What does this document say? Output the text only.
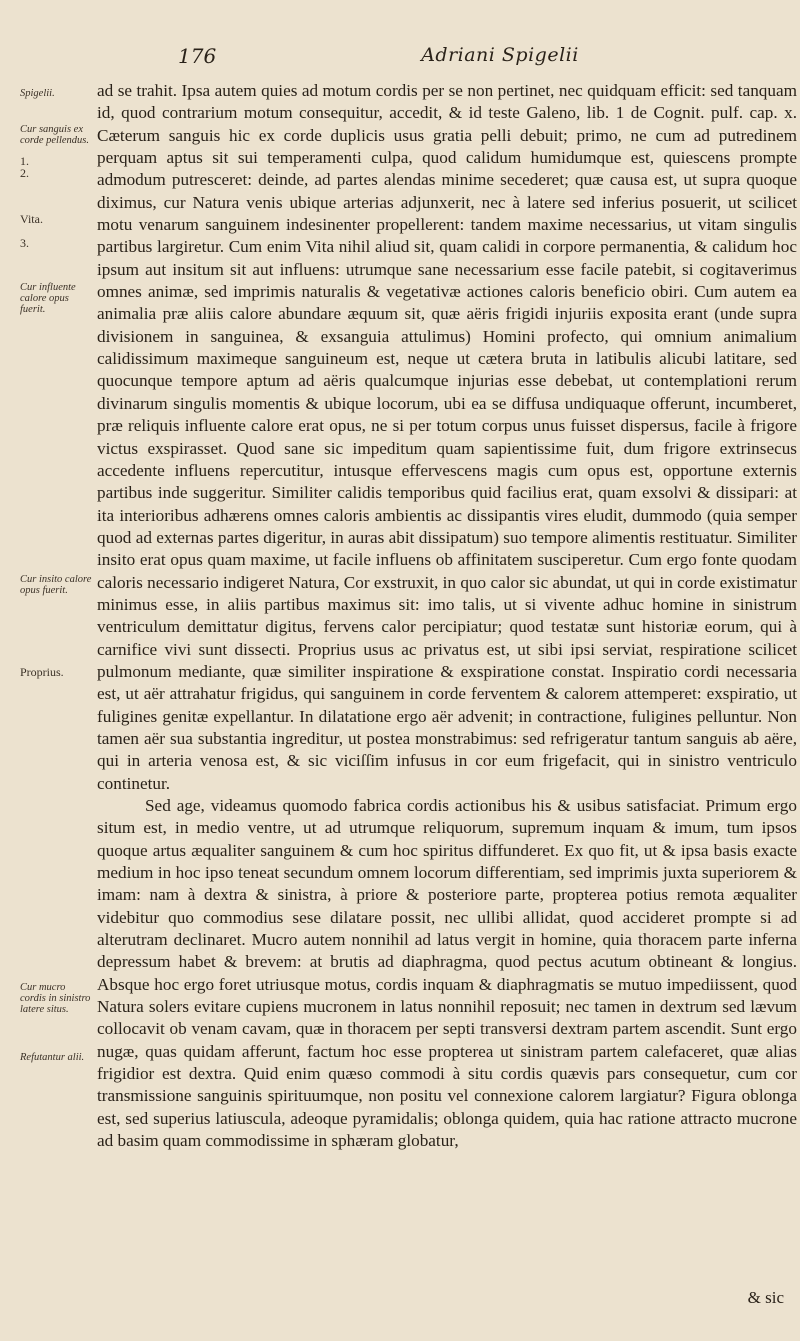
176	Adriani Spigelii
Spigelii.
Cur sanguis ex corde pellendus.
1.
2.
Vita.
3.
Cur influente calore opus fuerit.
Cur insito calore opus fuerit.
Proprius.
Cur mucro cordis in sinistro latere situs.
Refutantur alii.

ad se trahit. Ipsa autem quies ad motum cordis per se non pertinet, nec quidquam efficit: sed tanquam id, quod contrarium motum consequitur, accedit, & id teste Galeno, lib. 1 de Cognit. pulf. cap. x. Cæterum sanguis hic ex corde duplicis usus gratia pelli debuit; primo, ne cum ad putredinem perquam aptus sit sui temperamenti culpa, quod calidum humidumque est, quiescens prompte admodum putresceret: deinde, ad partes alendas minime secederet; quæ causa est, ut supra quoque diximus, cur Natura venis ubique arterias adjunxerit, nec à latere sed inferius posuerit, ut scilicet motu venarum sanguinem indesinenter propellerent: tandem maxime necessarius, ut vitam singulis partibus largiretur. Cum enim Vita nihil aliud sit, quam calidi in corpore permanentia, & calidum hoc ipsum aut insitum sit aut influens: utrumque sane necessarium esse facile patebit, si cogitaverimus omnes animæ, sed imprimis naturalis & vegetativæ actiones caloris beneficio obiri. Cum autem ea animalia præ aliis calore abundare æquum sit, quæ aëris frigidi injuriis exposita erant (unde supra divisionem in sanguinea, & exsanguia attulimus) Homini profecto, qui omnium animalium calidissimum maximeque sanguineum est, neque ut cætera bruta in latibulis alicubi latitare, sed quocunque tempore aptum ad aëris qualcumque injurias esse debebat, ut contemplationi rerum divinarum singulis momentis & ubique locorum, ubi ea se diffusa undiquaque offerunt, incumberet, præ reliquis influente calore erat opus, ne si per totum corpus unus fuisset dispersus, facile à frigore victus exspirasset. Quod sane sic impeditum quam sapientissime fuit, dum frigore extrinsecus accedente influens repercutitur, intusque effervescens magis cum opus est, opportune externis partibus inde suggeritur. Similiter calidis temporibus quid facilius erat, quam exsolvi & dissipari: at ita interioribus adhærens omnes caloris ambientis ac dissipantis vires eludit, dummodo (quia semper quod ad externas partes digeritur, in auras abit dissipatum) suo tempore alimentis restituatur. Similiter insito erat opus quam maxime, ut facile influens ob affinitatem susciperetur. Cum ergo fonte quodam caloris necessario indigeret Natura, Cor exstruxit, in quo calor sic abundat, ut qui in corde existimatur minimus esse, in aliis partibus maximus sit: imo talis, ut si vivente adhuc homine in sinistrum ventriculum demittatur digitus, fervens calor percipiatur; quod testatæ sunt historiæ eorum, qui à carnifice vivi sunt dissecti. Proprius usus ac privatus est, ut sibi ipsi serviat, respiratione scilicet pulmonum mediante, quæ similiter inspiratione & exspiratione constat. Inspiratio cordi necessaria est, ut aër attrahatur frigidus, qui sanguinem in corde ferventem & calorem attemperet: exspiratio, ut fuligines genitæ expellantur. In dilatatione ergo aër advenit; in contractione, fuligines pelluntur. Non tamen aër sua substantia ingreditur, ut postea monstrabimus: sed refrigeratur tantum sanguis ab aëre, qui in arteria venosa est, & sic viciſſim infusus in cor eum frigefacit, qui in sinistro ventriculo continetur.

Sed age, videamus quomodo fabrica cordis actionibus his & usibus satisfaciat. Primum ergo situm est, in medio ventre, ut ad utrumque reliquorum, supremum inquam & imum, tum ipsos quoque artus æqualiter sanguinem & cum hoc spiritus diffunderet. Ex quo fit, ut & ipsa basis exacte medium in hoc ipso teneat secundum omnem locorum differentiam, sed imprimis juxta superiorem & imam: nam à dextra & sinistra, à priore & posteriore parte, propterea potius remota æqualiter videbitur quo commodius sese dilatare possit, nec ullibi allidat, quod accideret prompte si ad alterutram declinaret. Mucro autem nonnihil ad latus vergit in homine, quia thoracem parte inferna depressum habet & brevem: at brutis ad diaphragma, quod pectus acutum obtineant & longius. Absque hoc ergo foret utriusque motus, cordis inquam & diaphragmatis se mutuo impediissent, quod Natura solers evitare cupiens mucronem in latus nonnihil reposuit; nec tamen in dextrum sed lævum collocavit ob venam cavam, quæ in thoracem per septi transversi dextram partem ascendit. Sunt ergo nugæ, quas quidam afferunt, factum hoc esse propterea ut sinistram partem calefaceret, quæ alias frigidior est dextra. Quid enim quæso commodi à situ cordis quævis pars consequetur, cum cor transmissione sanguinis spirituumque, non positu vel connexione calorem largiatur? Figura oblonga est, sed superius latiuscula, adeoque pyramidalis; oblonga quidem, quia hac ratione attracto mucrone ad basim quam commodissime in sphæram globatur,

& sic
